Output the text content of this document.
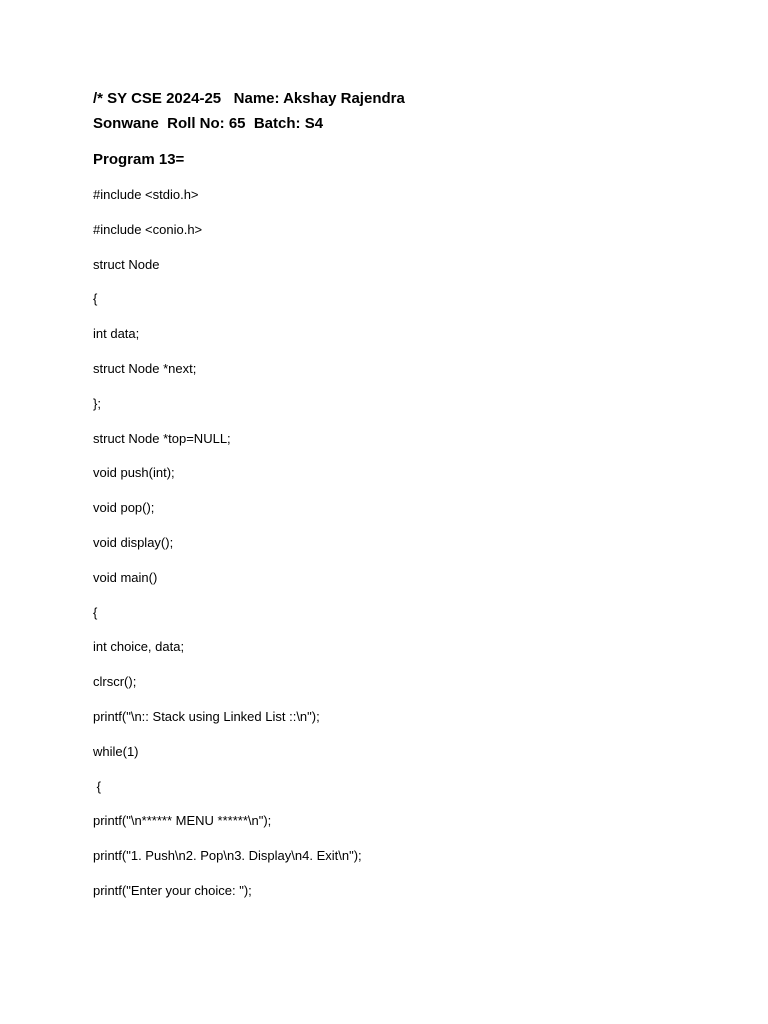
/* SY CSE 2024-25   Name: Akshay Rajendra
Sonwane  Roll No: 65  Batch: S4
Program 13=
#include <stdio.h>
#include <conio.h>
struct Node
{
int data;
struct Node *next;
};
struct Node *top=NULL;
void push(int);
void pop();
void display();
void main()
{
int choice, data;
clrscr();
printf("\n:: Stack using Linked List ::\n");
while(1)
{
printf("\n****** MENU ******\n");
printf("1. Push\n2. Pop\n3. Display\n4. Exit\n");
printf("Enter your choice: ");
